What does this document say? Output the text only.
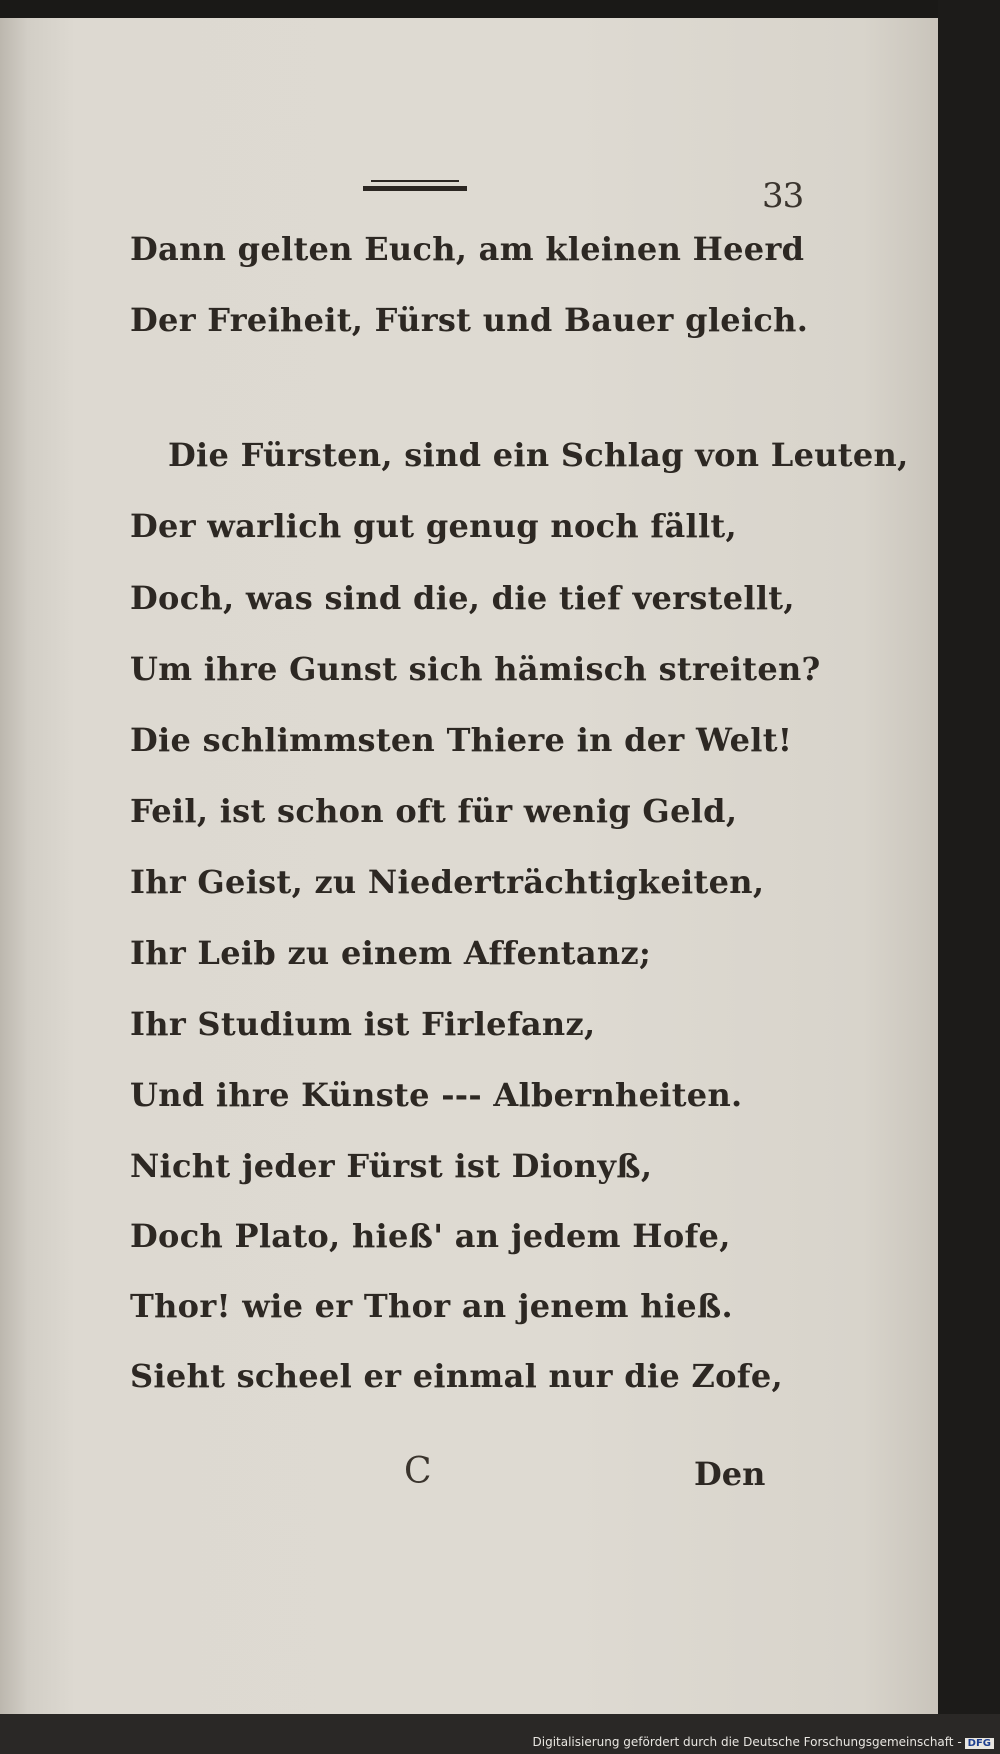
33
Dann gelten Euch, am kleinen Heerd
Der Freiheit, Fürst und Bauer gleich.
Die Fürsten, sind ein Schlag von Leuten,
Der warlich gut genug noch fällt,
Doch, was sind die, die tief verstellt,
Um ihre Gunst sich hämisch streiten?
Die schlimmsten Thiere in der Welt!
Feil, ist schon oft für wenig Geld,
Ihr Geist, zu Niederträchtigkeiten,
Ihr Leib zu einem Affentanz;
Ihr Studium ist Firlefanz,
Und ihre Künste --- Albernheiten.
Nicht jeder Fürst ist Dionyß,
Doch Plato, hieß' an jedem Hofe,
Thor! wie er Thor an jenem hieß.
Sieht scheel er einmal nur die Zofe,
C	Den
Digitalisierung gefördert durch die Deutsche Forschungsgemeinschaft - DFG
